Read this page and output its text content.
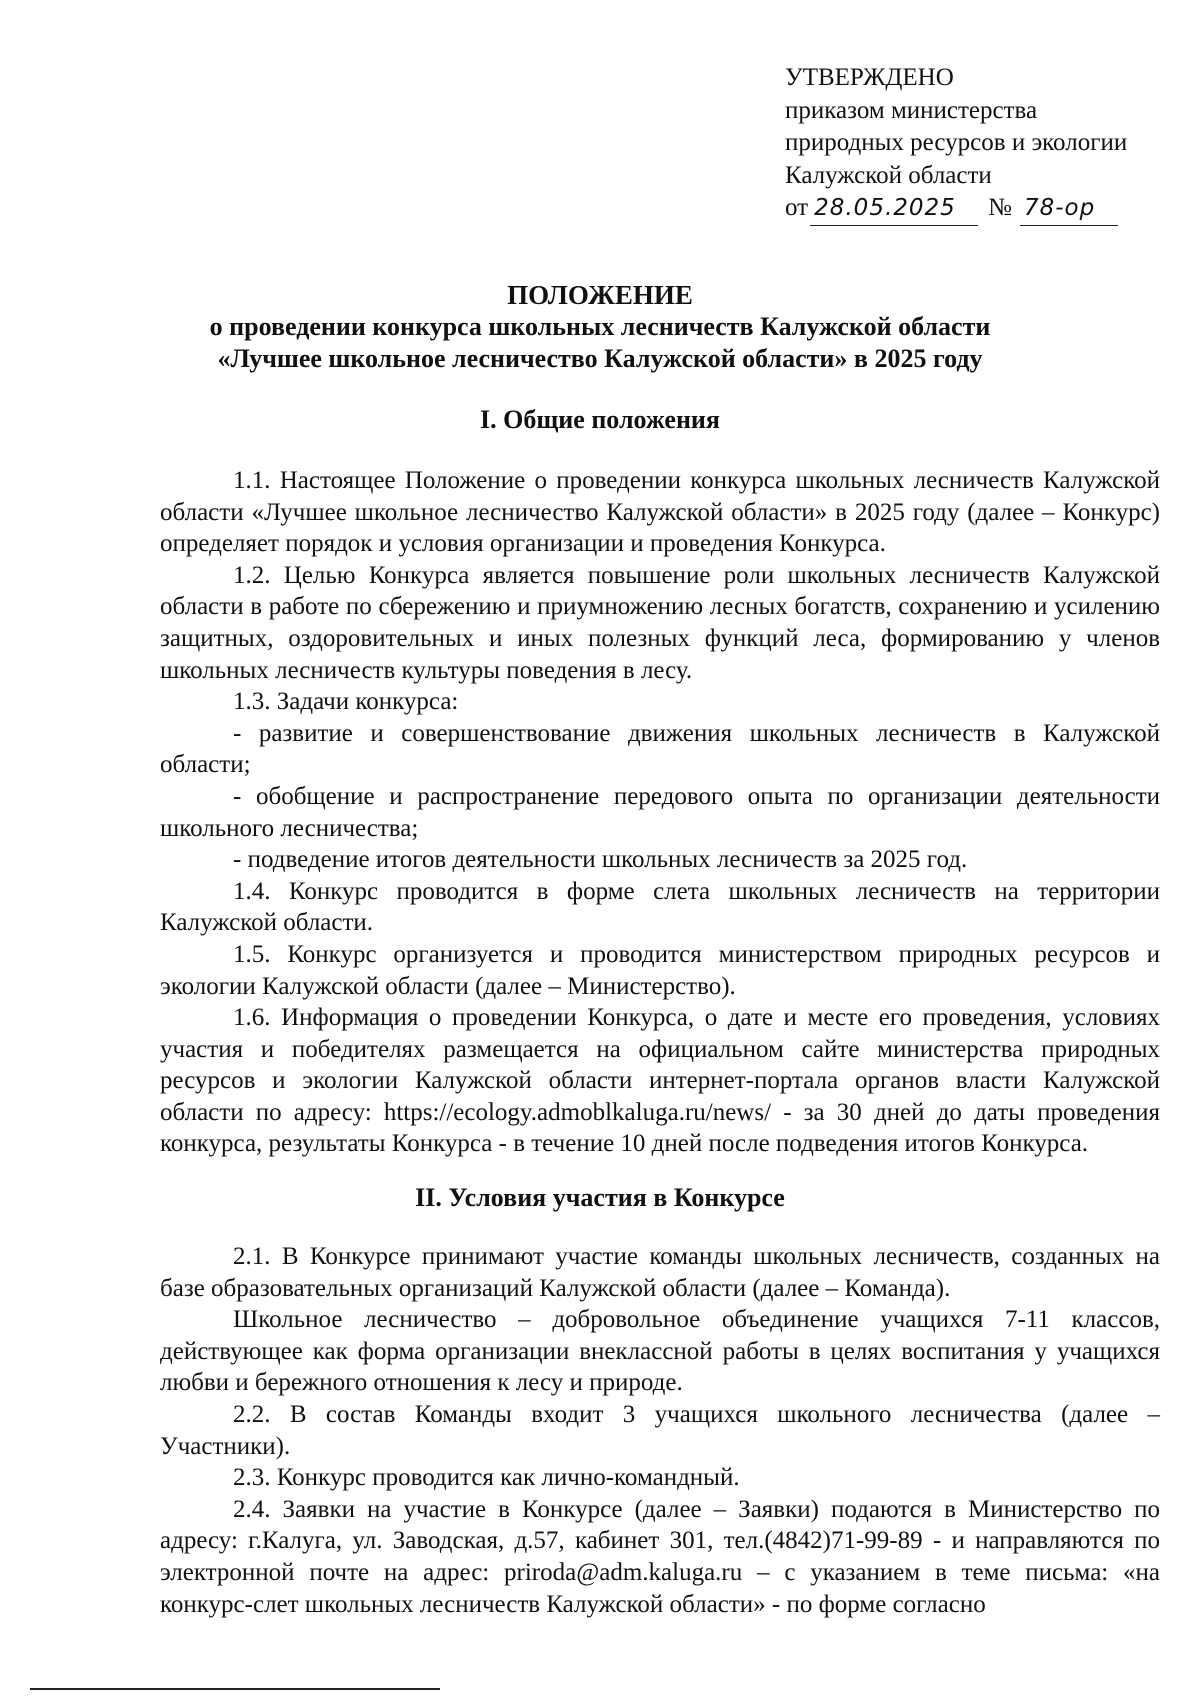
УТВЕРЖДЕНО
приказом министерства
природных ресурсов и экологии
Калужской области
от 28.05.2025 № 78-ор
ПОЛОЖЕНИЕ
о проведении конкурса школьных лесничеств Калужской области
«Лучшее школьное лесничество Калужской области» в 2025 году
I. Общие положения

1.1. Настоящее Положение о проведении конкурса школьных лесничеств Калужской области «Лучшее школьное лесничество Калужской области» в 2025 году (далее – Конкурс) определяет порядок и условия организации и проведения Конкурса.

1.2. Целью Конкурса является повышение роли школьных лесничеств Калужской области в работе по сбережению и приумножению лесных богатств, сохранению и усилению защитных, оздоровительных и иных полезных функций леса, формированию у членов школьных лесничеств культуры поведения в лесу.

1.3. Задачи конкурса:

- развитие и совершенствование движения школьных лесничеств в Калужской области;

- обобщение и распространение передового опыта по организации деятельности школьного лесничества;

- подведение итогов деятельности школьных лесничеств за 2025 год.

1.4. Конкурс проводится в форме слета школьных лесничеств на территории Калужской области.

1.5. Конкурс организуется и проводится министерством природных ресурсов и экологии Калужской области (далее – Министерство).

1.6. Информация о проведении Конкурса, о дате и месте его проведения, условиях участия и победителях размещается на официальном сайте министерства природных ресурсов и экологии Калужской области интернет-портала органов власти Калужской области по адресу: https://ecology.admoblkaluga.ru/news/ - за 30 дней до даты проведения конкурса, результаты Конкурса - в течение 10 дней после подведения итогов Конкурса.

II. Условия участия в Конкурсе

2.1. В Конкурсе принимают участие команды школьных лесничеств, созданных на базе образовательных организаций Калужской области (далее – Команда).

Школьное лесничество – добровольное объединение учащихся 7-11 классов, действующее как форма организации внеклассной работы в целях воспитания у учащихся любви и бережного отношения к лесу и природе.

2.2. В состав Команды входит 3 учащихся школьного лесничества (далее – Участники).

2.3. Конкурс проводится как лично-командный.

2.4. Заявки на участие в Конкурсе (далее – Заявки) подаются в Министерство по адресу: г.Калуга, ул. Заводская, д.57, кабинет 301, тел.(4842)71-99-89 - и направляются по электронной почте на адрес: priroda@adm.kaluga.ru – с указанием в теме письма: «на конкурс-слет школьных лесничеств Калужской области» - по форме согласно
